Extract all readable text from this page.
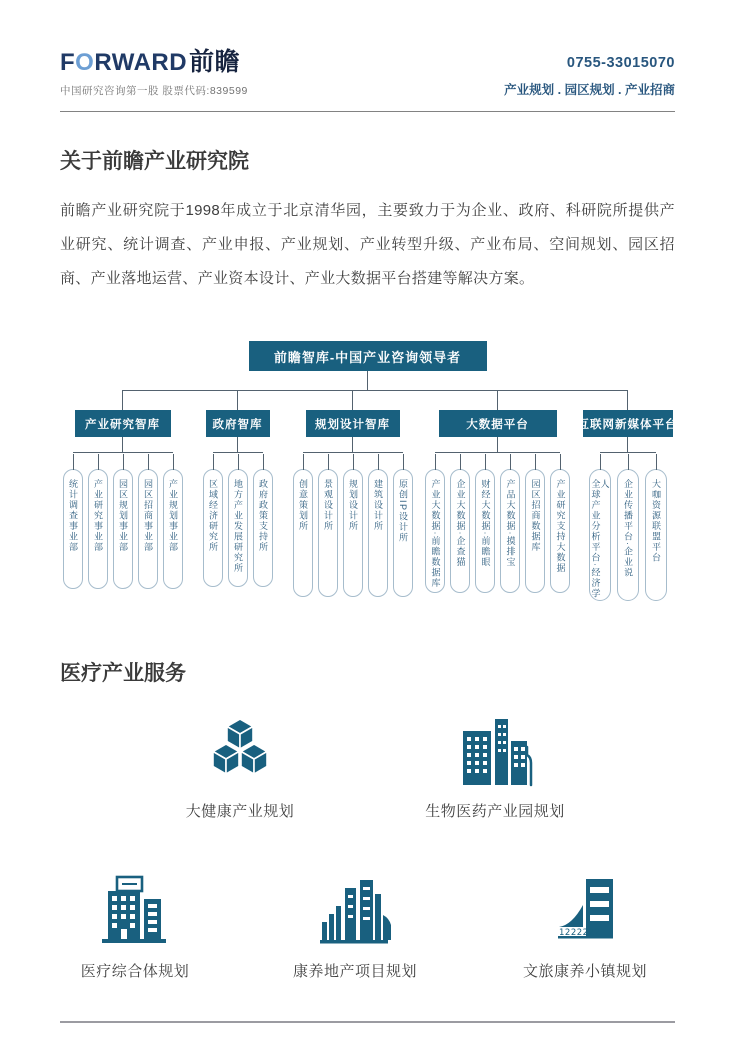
FORWARD前瞻
中国研究咨询第一股 股票代码:839599
0755-33015070
产业规划 . 园区规划 . 产业招商
关于前瞻产业研究院

前瞻产业研究院于1998年成立于北京清华园，主要致力于为企业、政府、科研院所提供产业研究、统计调查、产业申报、产业规划、产业转型升级、产业布局、空间规划、园区招商、产业落地运营、产业资本设计、产业大数据平台搭建等解决方案。

前瞻智库-中国产业咨询领导者
产业研究智库
统计调查事业部 产业研究事业部 园区规划事业部 园区招商事业部 产业规划事业部
政府智库
区域经济研究所 地方产业发展研究所 政府政策支持所
规划设计智库
创意策划所 景观设计所 规划设计所 建筑设计所 原创IP设计所
大数据平台
产业大数据·前瞻数据库 企业大数据·企查猫 财经大数据·前瞻眼 产品大数据·摸排宝 园区招商数据库 产业研究支持大数据
互联网新媒体平台
全球产业分析平台·经济学人 企业传播平台·企业说 大咖资源联盟平台
医疗产业服务
大健康产业规划	生物医药产业园规划
医疗综合体规划	康养地产项目规划
1222222
文旅康养小镇规划
